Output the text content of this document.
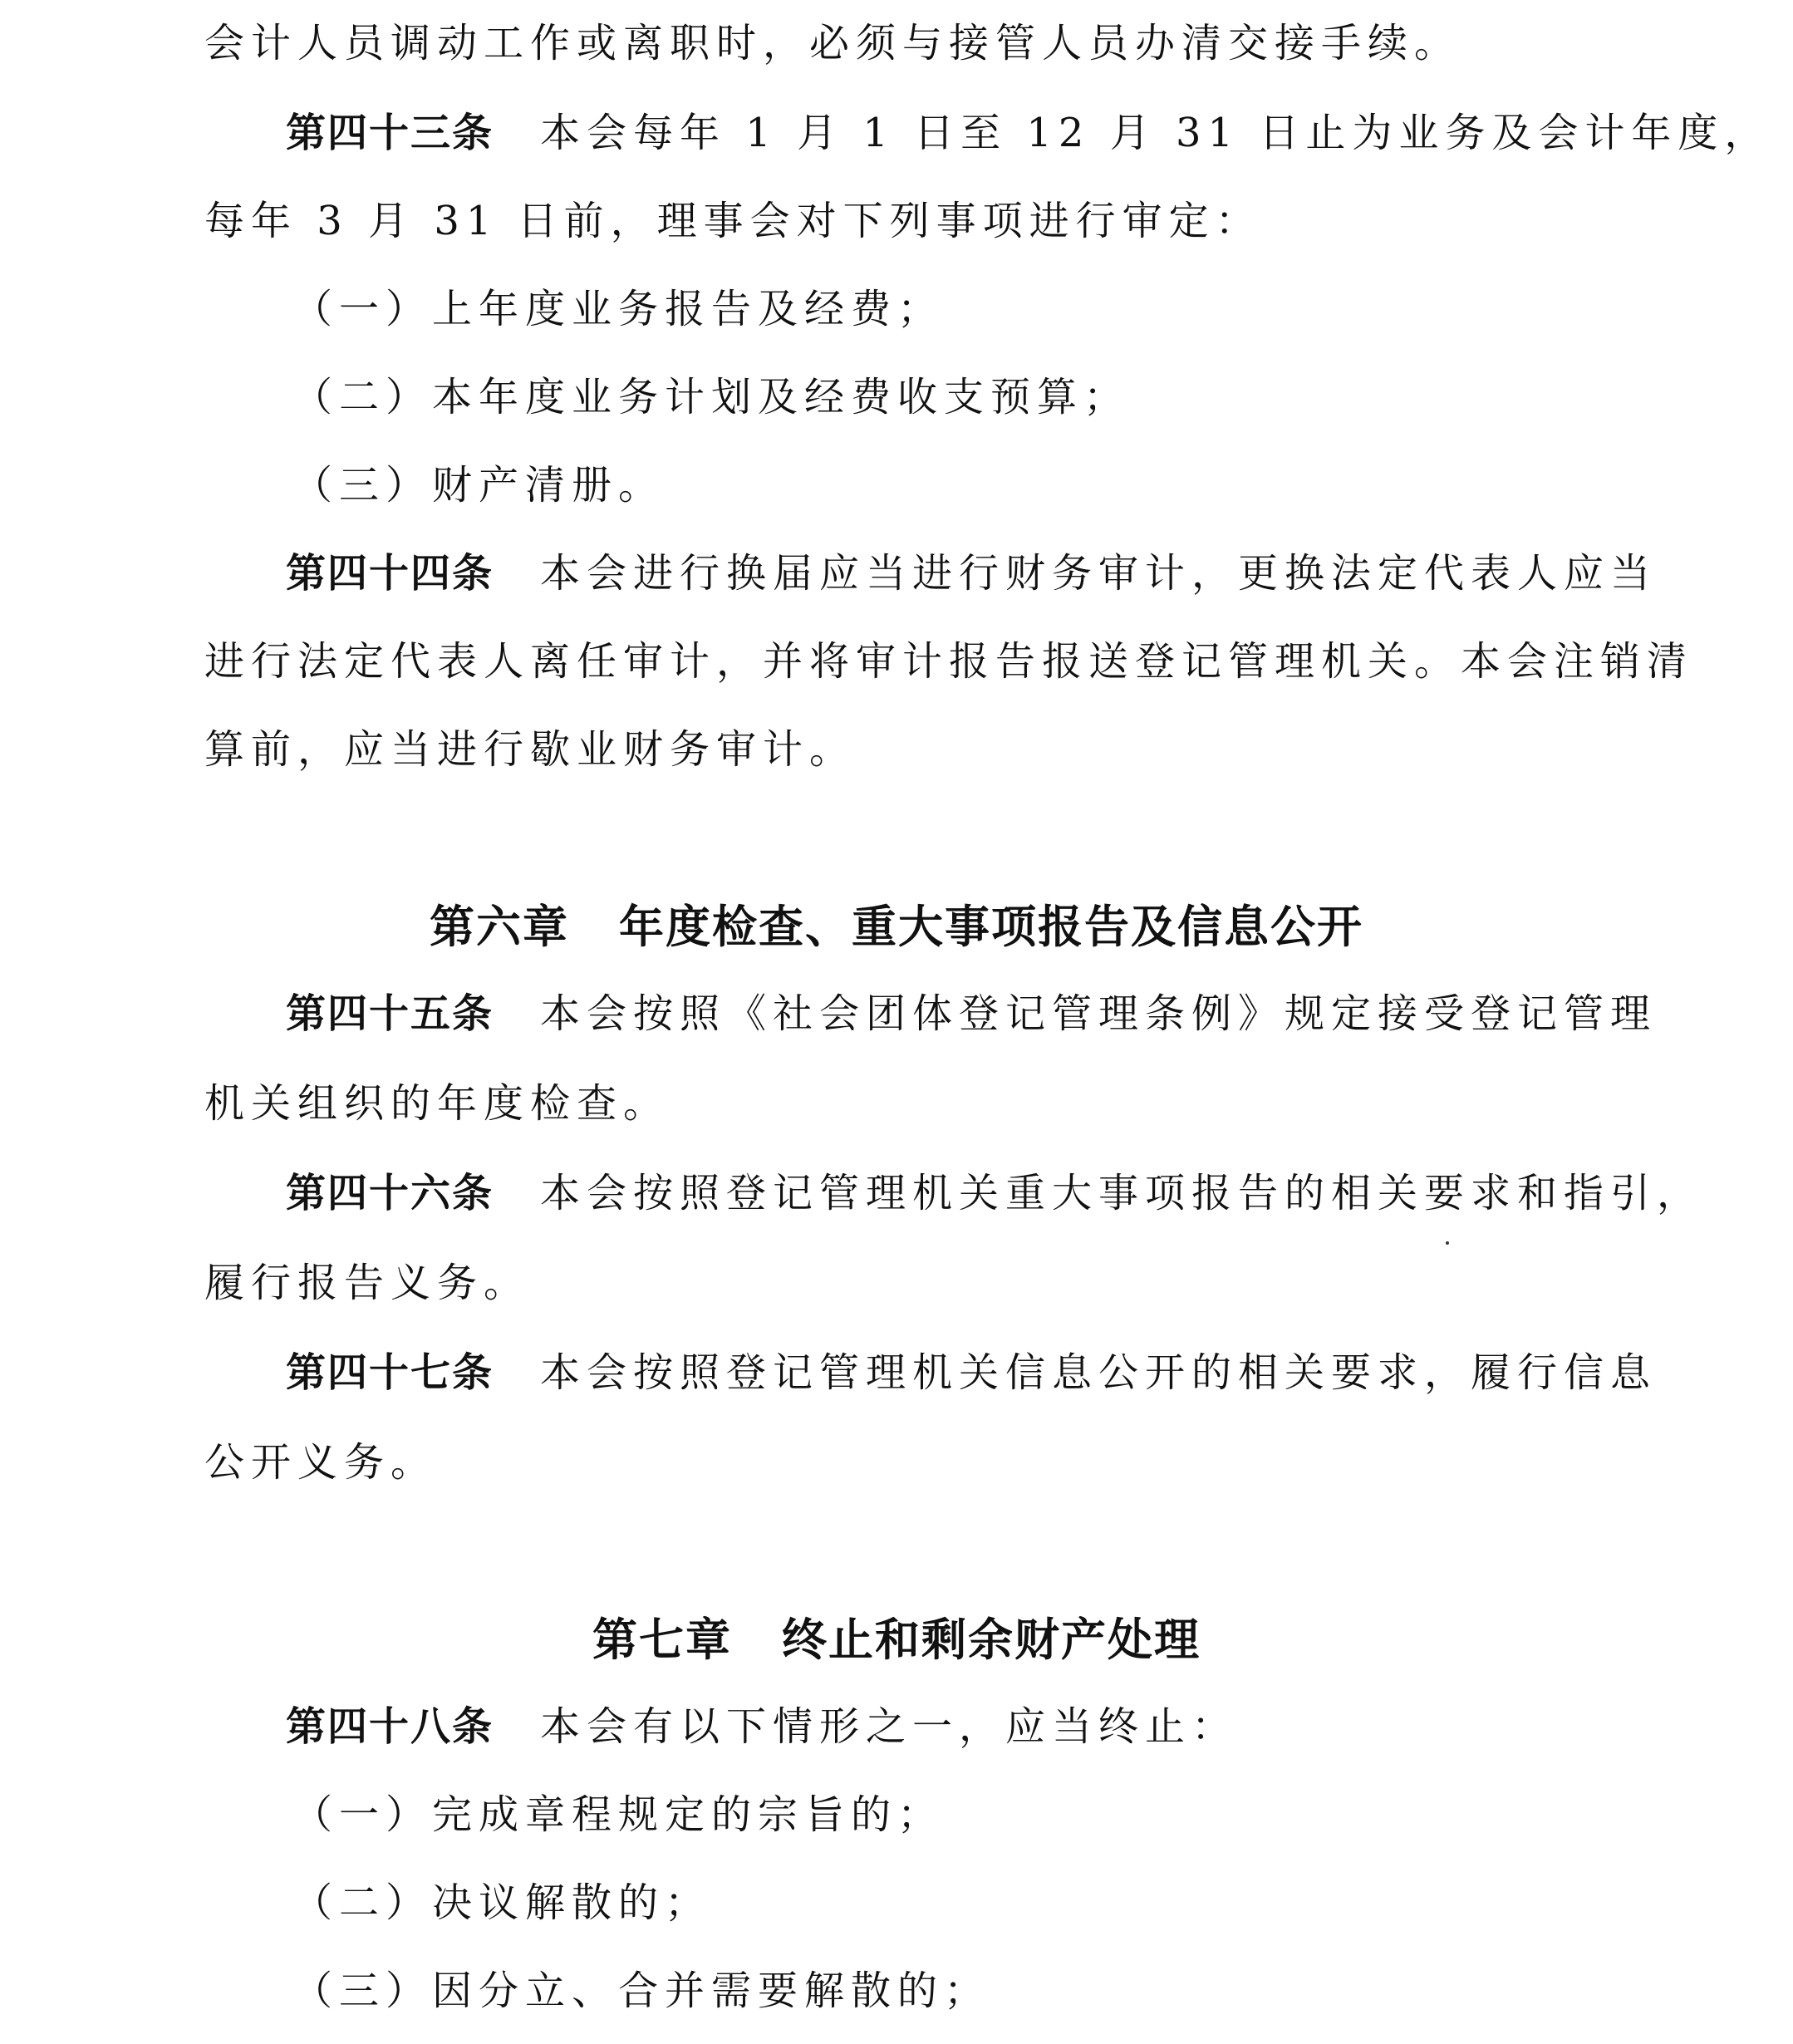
会计人员调动工作或离职时，必须与接管人员办清交接手续。
第四十三条 本会每年 1 月 1 日至 12 月 31 日止为业务及会计年度，
每年 3 月 31 日前，理事会对下列事项进行审定：
（一）上年度业务报告及经费；
（二）本年度业务计划及经费收支预算；
（三）财产清册。
第四十四条 本会进行换届应当进行财务审计，更换法定代表人应当
进行法定代表人离任审计，并将审计报告报送登记管理机关。本会注销清
算前，应当进行歇业财务审计。
第六章 年度检查、重大事项报告及信息公开
第四十五条 本会按照《社会团体登记管理条例》规定接受登记管理
机关组织的年度检查。
第四十六条 本会按照登记管理机关重大事项报告的相关要求和指引，
履行报告义务。
第四十七条 本会按照登记管理机关信息公开的相关要求，履行信息
公开义务。
第七章 终止和剩余财产处理
第四十八条 本会有以下情形之一，应当终止：
（一）完成章程规定的宗旨的；
（二）决议解散的；
（三）因分立、合并需要解散的；
